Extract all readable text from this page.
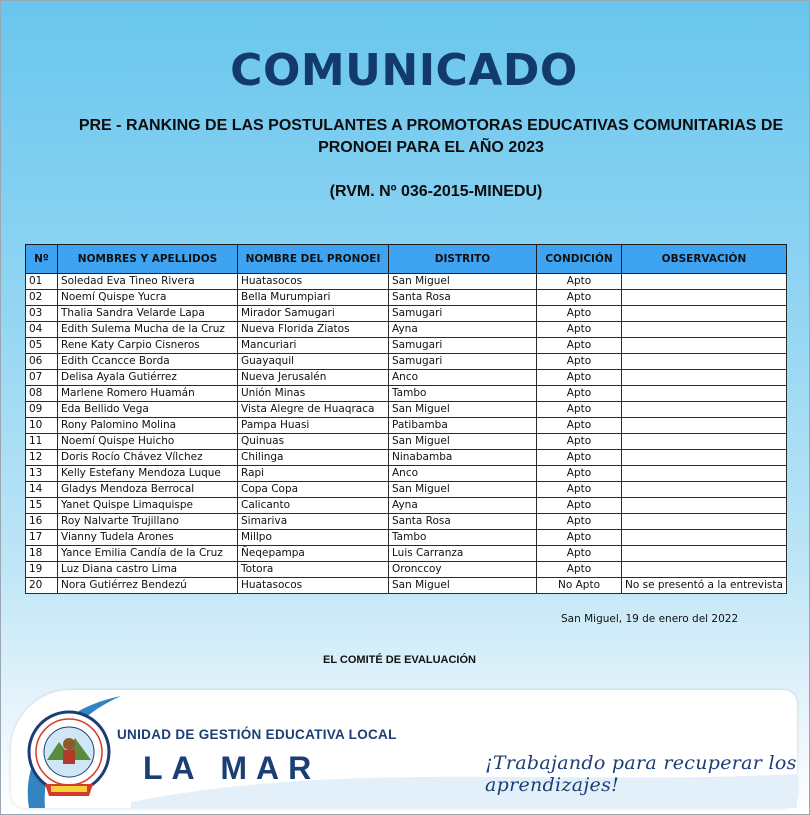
COMUNICADO
PRE - RANKING DE LAS POSTULANTES A PROMOTORAS EDUCATIVAS COMUNITARIAS DE PRONOEI PARA EL AÑO 2023
(RVM. Nº 036-2015-MINEDU)
Nº	NOMBRES Y APELLIDOS	NOMBRE DEL PRONOEI	DISTRITO	CONDICIÓN	OBSERVACIÓN
01	Soledad Eva Tineo Rivera	Huatasocos	San Miguel	Apto	
02	Noemí Quispe Yucra	Bella Murumpiari	Santa Rosa	Apto	
03	Thalia Sandra Velarde Lapa	Mirador Samugari	Samugari	Apto	
04	Edith Sulema Mucha de la Cruz	Nueva Florida Ziatos	Ayna	Apto	
05	Rene Katy Carpio Cisneros	Mancuriari	Samugari	Apto	
06	Edith Ccancce Borda	Guayaquil	Samugari	Apto	
07	Delisa Ayala Gutiérrez	Nueva Jerusalén	Anco	Apto	
08	Marlene Romero Huamán	Unión Minas	Tambo	Apto	
09	Eda Bellido Vega	Vista Alegre de Huaqraca	San Miguel	Apto	
10	Rony Palomino Molina	Pampa Huasi	Patibamba	Apto	
11	Noemí Quispe Huicho	Quinuas	San Miguel	Apto	
12	Doris Rocío Chávez Vílchez	Chilinga	Ninabamba	Apto	
13	Kelly Estefany Mendoza Luque	Rapi	Anco	Apto	
14	Gladys Mendoza Berrocal	Copa Copa	San Miguel	Apto	
15	Yanet Quispe Limaquispe	Calicanto	Ayna	Apto	
16	Roy Nalvarte Trujillano	Simariva	Santa Rosa	Apto	
17	Vianny Tudela Arones	Millpo	Tambo	Apto	
18	Yance Emilia Candía de la Cruz	Ñeqepampa	Luis Carranza	Apto	
19	Luz Diana castro Lima	Totora	Oronccoy	Apto	
20	Nora Gutiérrez Bendezú	Huatasocos	San Miguel	No Apto	No se presentó a la entrevista
San Miguel, 19 de enero del 2022
EL COMITÉ DE EVALUACIÓN
UNIDAD DE GESTIÓN EDUCATIVA LOCAL
LA MAR	¡Trabajando para recuperar los aprendizajes!
